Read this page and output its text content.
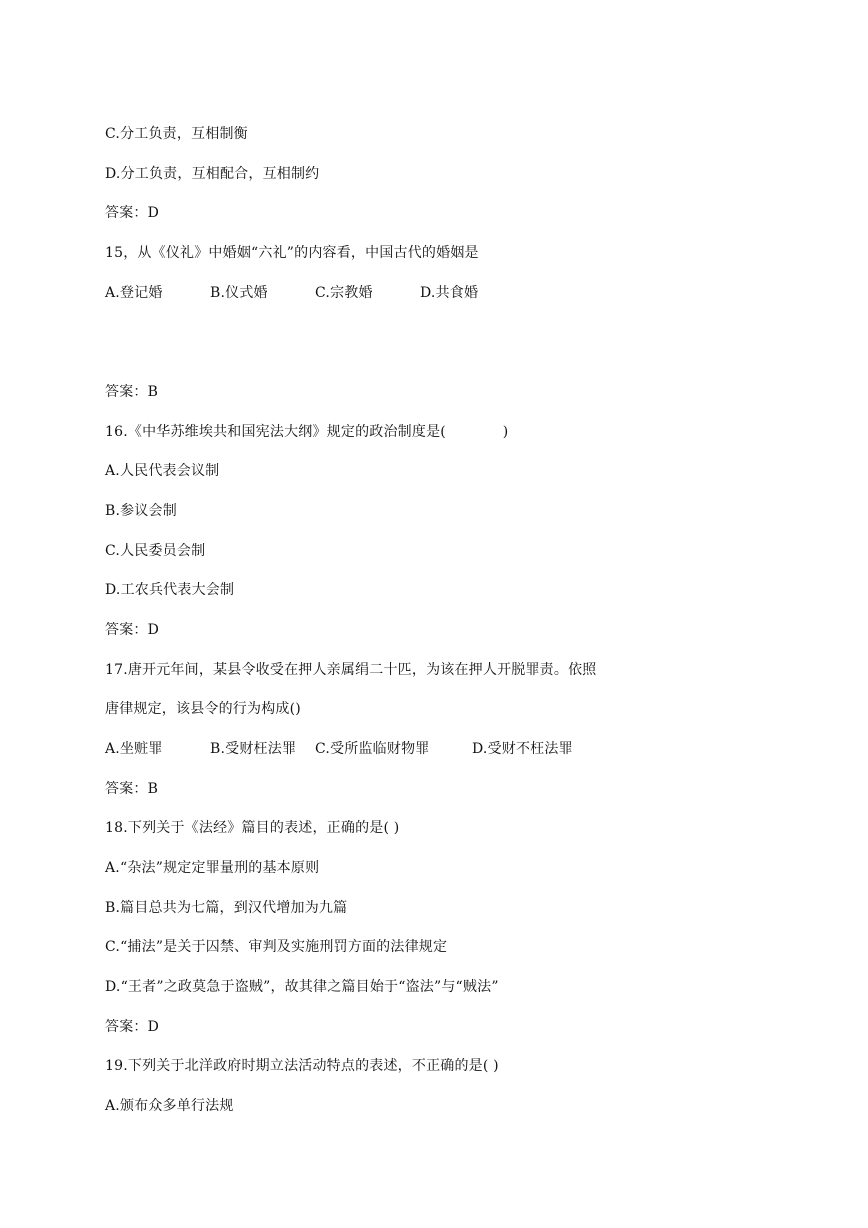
C.分工负责，互相制衡
D.分工负责，互相配合，互相制约
答案：D
15，从《仪礼》中婚姻“六礼”的内容看，中国古代的婚姻是
A.登记婚	B.仪式婚	C.宗教婚	D.共食婚
答案：B
16.《中华苏维埃共和国宪法大纲》规定的政治制度是(　　　　)
A.人民代表会议制
B.参议会制
C.人民委员会制
D.工农兵代表大会制
答案：D
17.唐开元年间，某县令收受在押人亲属绢二十匹，为该在押人开脱罪责。依照
唐律规定，该县令的行为构成()
A.坐赃罪	B.受财枉法罪 C.受所监临财物罪	D.受财不枉法罪
答案：B
18.下列关于《法经》篇目的表述，正确的是( )
A.“杂法”规定定罪量刑的基本原则
B.篇目总共为七篇，到汉代增加为九篇
C.“捕法”是关于囚禁、审判及实施刑罚方面的法律规定
D.“王者”之政莫急于盗贼”，故其律之篇目始于“盗法”与“贼法”
答案：D
19.下列关于北洋政府时期立法活动特点的表述，不正确的是( )
A.颁布众多单行法规
